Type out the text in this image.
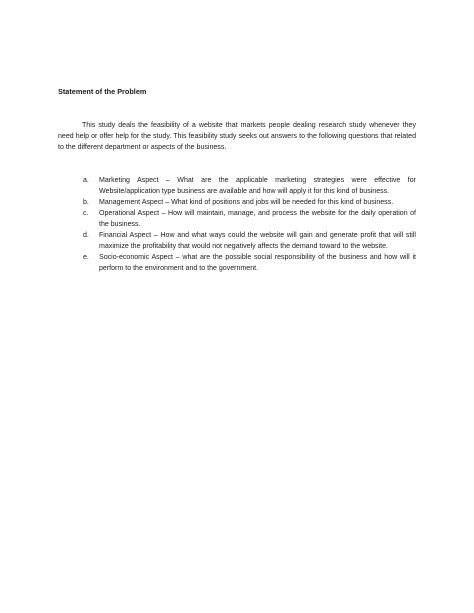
Statement of the Problem

This study deals the feasibility of a website that markets people dealing research study whenever they need help or offer help for the study. This feasibility study seeks out answers to the following questions that related to the different department or aspects of the business.

a. Marketing Aspect – What are the applicable marketing strategies were effective for Website/application type business are available and how will apply it for this kind of business.
b. Management Aspect – What kind of positions and jobs will be needed for this kind of business.
c. Operational Aspect – How will maintain, manage, and process the website for the daily operation of the business.
d. Financial Aspect – How and what ways could the website will gain and generate profit that will still maximize the profitability that would not negatively affects the demand toward to the website.
e. Socio-economic Aspect – what are the possible social responsibility of the business and how will it perform to the environment and to the government.
